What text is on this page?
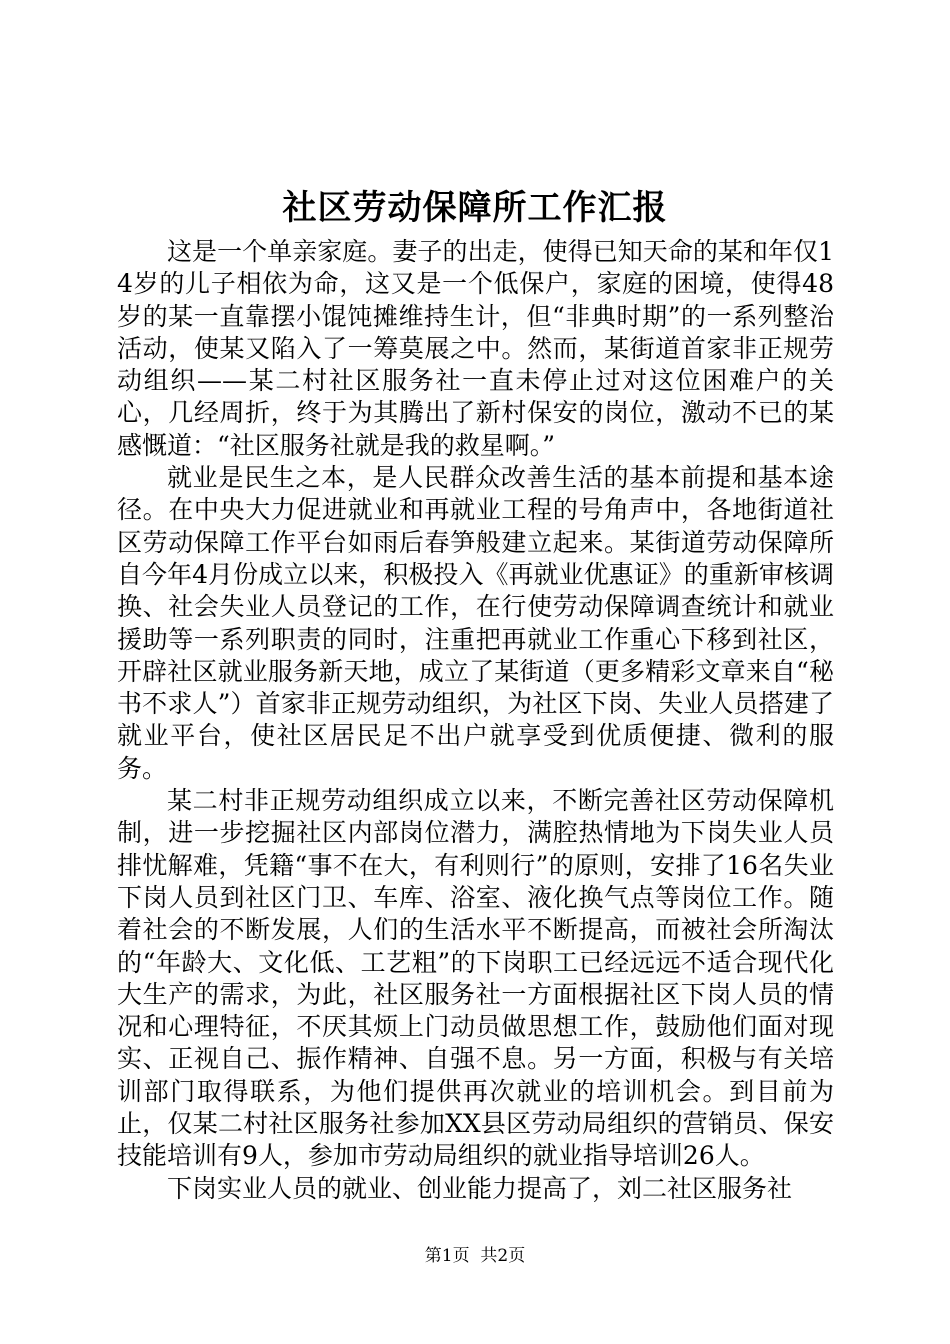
社区劳动保障所工作汇报

这是一个单亲家庭。妻子的出走，使得已知天命的某和年仅14岁的儿子相依为命，这又是一个低保户，家庭的困境，使得48岁的某一直靠摆小馄饨摊维持生计，但“非典时期”的一系列整治活动，使某又陷入了一筹莫展之中。然而，某街道首家非正规劳动组织——某二村社区服务社一直未停止过对这位困难户的关心，几经周折，终于为其腾出了新村保安的岗位，激动不已的某感慨道：“社区服务社就是我的救星啊。”

就业是民生之本，是人民群众改善生活的基本前提和基本途径。在中央大力促进就业和再就业工程的号角声中，各地街道社区劳动保障工作平台如雨后春笋般建立起来。某街道劳动保障所自今年4月份成立以来，积极投入《再就业优惠证》的重新审核调换、社会失业人员登记的工作，在行使劳动保障调查统计和就业援助等一系列职责的同时，注重把再就业工作重心下移到社区，开辟社区就业服务新天地，成立了某街道（更多精彩文章来自“秘书不求人”）首家非正规劳动组织，为社区下岗、失业人员搭建了就业平台，使社区居民足不出户就享受到优质便捷、微利的服务。

某二村非正规劳动组织成立以来，不断完善社区劳动保障机制，进一步挖掘社区内部岗位潜力，满腔热情地为下岗失业人员排忧解难，凭籍“事不在大，有利则行”的原则，安排了16名失业下岗人员到社区门卫、车库、浴室、液化换气点等岗位工作。随着社会的不断发展，人们的生活水平不断提高，而被社会所淘汰的“年龄大、文化低、工艺粗”的下岗职工已经远远不适合现代化大生产的需求，为此，社区服务社一方面根据社区下岗人员的情况和心理特征，不厌其烦上门动员做思想工作，鼓励他们面对现实、正视自己、振作精神、自强不息。另一方面，积极与有关培训部门取得联系，为他们提供再次就业的培训机会。到目前为止，仅某二村社区服务社参加XX县区劳动局组织的营销员、保安技能培训有9人，参加市劳动局组织的就业指导培训26人。

下岗实业人员的就业、创业能力提高了，刘二社区服务社

第1页  共2页
